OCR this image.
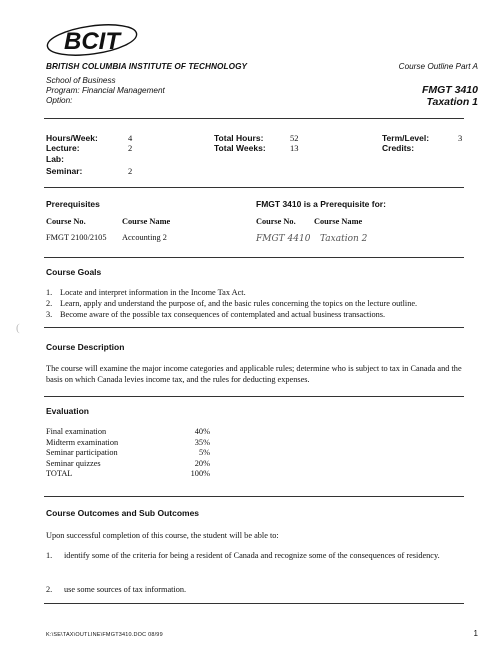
BCIT
BRITISH COLUMBIA INSTITUTE OF TECHNOLOGY	Course Outline Part A
School of Business
Program: Financial Management
Option:
FMGT 3410
Taxation 1
Hours/Week:	4
Lecture:	2
Lab:
Seminar:	2
Total Hours:	52
Total Weeks:	13
Term/Level:	3
Credits:
Prerequisites	FMGT 3410 is a Prerequisite for:
Course No.	Course Name	Course No. Course Name
FMGT 2100/2105 Accounting 2	FMGT 4410 Taxation 2
Course Goals
1. Locate and interpret information in the Income Tax Act.
2. Learn, apply and understand the purpose of, and the basic rules concerning the topics on the lecture outline.
3. Become aware of the possible tax consequences of contemplated and actual business transactions.
(
Course Description
The course will examine the major income categories and applicable rules; determine who is subject to tax in Canada and the basis on which Canada levies income tax, and the rules for deducting expenses.
Evaluation
Final examination	40%
Midterm examination	35%
Seminar participation	5%
Seminar quizzes	20%
TOTAL	100%
Course Outcomes and Sub Outcomes
Upon successful completion of this course, the student will be able to:
1.	identify some of the criteria for being a resident of Canada and recognize some of the consequences of residency.
2.	use some sources of tax information.
K:\SE\TAX\OUTLINE\FMGT3410.DOC 08/99	1
